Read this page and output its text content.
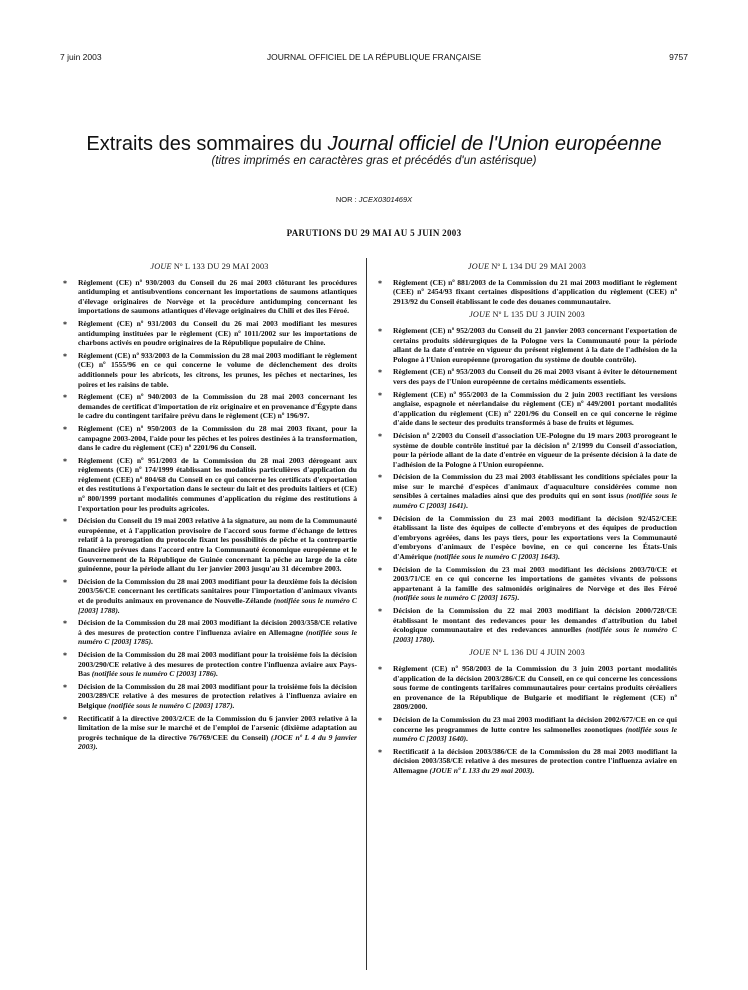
7 juin 2003	JOURNAL OFFICIEL DE LA RÉPUBLIQUE FRANÇAISE	9757
Extraits des sommaires du Journal officiel de l'Union européenne
(titres imprimés en caractères gras et précédés d'un astérisque)
NOR : JCEX0301469X
PARUTIONS DU 29 MAI AU 5 JUIN 2003
JOUE Nº L 133 DU 29 MAI 2003
* Règlement (CE) nº 930/2003 du Conseil du 26 mai 2003 clôturant les procédures antidumping et antisubventions concernant les importations de saumons atlantiques d'élevage originaires de Norvège et la procédure antidumping concernant les importations de saumons atlantiques d'élevage originaires du Chili et des îles Féroé.
* Règlement (CE) nº 931/2003 du Conseil du 26 mai 2003 modifiant les mesures antidumping instituées par le règlement (CE) nº 1011/2002 sur les importations de charbons activés en poudre originaires de la République populaire de Chine.
* Règlement (CE) nº 933/2003 de la Commission du 28 mai 2003 modifiant le règlement (CE) nº 1555/96 en ce qui concerne le volume de déclenchement des droits additionnels pour les abricots, les citrons, les prunes, les pêches et nectarines, les poires et les raisins de table.
* Règlement (CE) nº 940/2003 de la Commission du 28 mai 2003 concernant les demandes de certificat d'importation de riz originaire et en provenance d'Égypte dans le cadre du contingent tarifaire prévu dans le règlement (CE) nº 196/97.
* Règlement (CE) nº 950/2003 de la Commission du 28 mai 2003 fixant, pour la campagne 2003-2004, l'aide pour les pêches et les poires destinées à la transformation, dans le cadre du règlement (CE) nº 2201/96 du Conseil.
* Règlement (CE) nº 951/2003 de la Commission du 28 mai 2003 dérogeant aux règlements (CE) nº 174/1999 établissant les modalités particulières d'application du règlement (CEE) nº 804/68 du Conseil en ce qui concerne les certificats d'exportation et des restitutions à l'exportation dans le secteur du lait et des produits laitiers et (CE) nº 800/1999 portant modalités communes d'application du régime des restitutions à l'exportation pour les produits agricoles.
* Décision du Conseil du 19 mai 2003 relative à la signature, au nom de la Communauté européenne, et à l'application provisoire de l'accord sous forme d'échange de lettres relatif à la prorogation du protocole fixant les possibilités de pêche et la contrepartie financière prévues dans l'accord entre la Communauté économique européenne et le Gouvernement de la République de Guinée concernant la pêche au large de la côte guinéenne, pour la période allant du 1er janvier 2003 jusqu'au 31 décembre 2003.
* Décision de la Commission du 28 mai 2003 modifiant pour la deuxième fois la décision 2003/56/CE concernant les certificats sanitaires pour l'importation d'animaux vivants et de produits animaux en provenance de Nouvelle-Zélande (notifiée sous le numéro C [2003] 1788).
* Décision de la Commission du 28 mai 2003 modifiant la décision 2003/358/CE relative à des mesures de protection contre l'influenza aviaire en Allemagne (notifiée sous le numéro C [2003] 1785).
* Décision de la Commission du 28 mai 2003 modifiant pour la troisième fois la décision 2003/290/CE relative à des mesures de protection contre l'influenza aviaire aux Pays-Bas (notifiée sous le numéro C [2003] 1786).
* Décision de la Commission du 28 mai 2003 modifiant pour la troisième fois la décision 2003/289/CE relative à des mesures de protection relatives à l'influenza aviaire en Belgique (notifiée sous le numéro C [2003] 1787).
* Rectificatif à la directive 2003/2/CE de la Commission du 6 janvier 2003 relative à la limitation de la mise sur le marché et de l'emploi de l'arsenic (dixième adaptation au progrès technique de la directive 76/769/CEE du Conseil) (JOCE nº L 4 du 9 janvier 2003).
JOUE Nº L 134 DU 29 MAI 2003
* Règlement (CE) nº 881/2003 de la Commission du 21 mai 2003 modifiant le règlement (CEE) nº 2454/93 fixant certaines dispositions d'application du règlement (CEE) nº 2913/92 du Conseil établissant le code des douanes communautaire.
JOUE Nº L 135 DU 3 JUIN 2003
* Règlement (CE) nº 952/2003 du Conseil du 21 janvier 2003 concernant l'exportation de certains produits sidérurgiques de la Pologne vers la Communauté pour la période allant de la date d'entrée en vigueur du présent règlement à la date de l'adhésion de la Pologne à l'Union européenne (prorogation du système de double contrôle).
* Règlement (CE) nº 953/2003 du Conseil du 26 mai 2003 visant à éviter le détournement vers des pays de l'Union européenne de certains médicaments essentiels.
* Règlement (CE) nº 955/2003 de la Commission du 2 juin 2003 rectifiant les versions anglaise, espagnole et néerlandaise du règlement (CE) nº 449/2001 portant modalités d'application du règlement (CE) nº 2201/96 du Conseil en ce qui concerne le régime d'aide dans le secteur des produits transformés à base de fruits et légumes.
* Décision nº 2/2003 du Conseil d'association UE-Pologne du 19 mars 2003 prorogeant le système de double contrôle institué par la décision nº 2/1999 du Conseil d'association, pour la période allant de la date d'entrée en vigueur de la présente décision à la date de l'adhésion de la Pologne à l'Union européenne.
* Décision de la Commission du 23 mai 2003 établissant les conditions spéciales pour la mise sur le marché d'espèces d'animaux d'aquaculture considérées comme non sensibles à certaines maladies ainsi que des produits qui en sont issus (notifiée sous le numéro C [2003] 1641).
* Décision de la Commission du 23 mai 2003 modifiant la décision 92/452/CEE établissant la liste des équipes de collecte d'embryons et des équipes de production d'embryons agréées, dans les pays tiers, pour les exportations vers la Communauté d'embryons d'animaux de l'espèce bovine, en ce qui concerne les États-Unis d'Amérique (notifiée sous le numéro C [2003] 1643).
* Décision de la Commission du 23 mai 2003 modifiant les décisions 2003/70/CE et 2003/71/CE en ce qui concerne les importations de gamètes vivants de poissons appartenant à la famille des salmonidés originaires de Norvège et des îles Féroé (notifiée sous le numéro C [2003] 1675).
* Décision de la Commission du 22 mai 2003 modifiant la décision 2000/728/CE établissant le montant des redevances pour les demandes d'attribution du label écologique communautaire et des redevances annuelles (notifiée sous le numéro C [2003] 1780).
JOUE Nº L 136 DU 4 JUIN 2003
* Règlement (CE) nº 958/2003 de la Commission du 3 juin 2003 portant modalités d'application de la décision 2003/286/CE du Conseil, en ce qui concerne les concessions sous forme de contingents tarifaires communautaires pour certains produits céréaliers en provenance de la République de Bulgarie et modifiant le règlement (CE) nº 2809/2000.
* Décision de la Commission du 23 mai 2003 modifiant la décision 2002/677/CE en ce qui concerne les programmes de lutte contre les salmonelles zoonotiques (notifiée sous le numéro C [2003] 1640).
* Rectificatif à la décision 2003/386/CE de la Commission du 28 mai 2003 modifiant la décision 2003/358/CE relative à des mesures de protection contre l'influenza aviaire en Allemagne (JOUE nº L 133 du 29 mai 2003).
